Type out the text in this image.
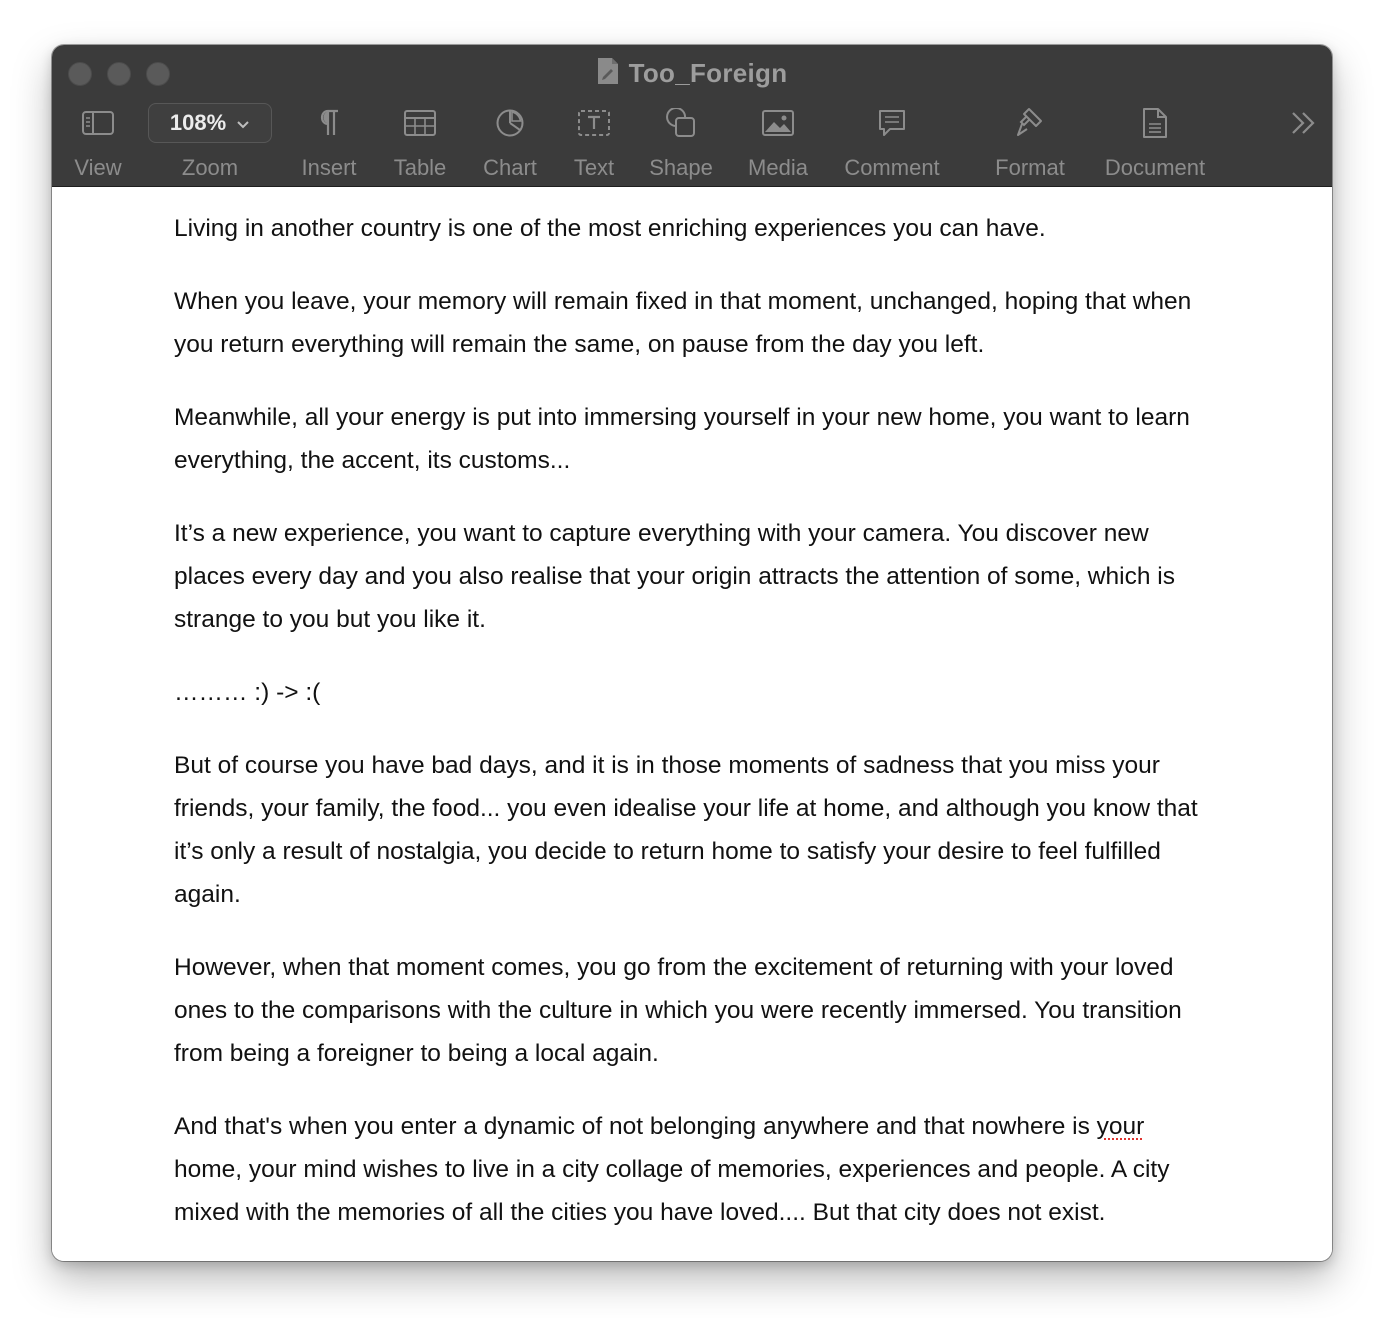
Too_Foreign
View
108%
Zoom	Insert Table Chart Text Shape Media Comment	Format Document

Living in another country is one of the most enriching experiences you can have.

When you leave, your memory will remain fixed in that moment, unchanged, hoping that when you return everything will remain the same, on pause from the day you left.

Meanwhile, all your energy is put into immersing yourself in your new home, you want to learn everything, the accent, its customs...

It’s a new experience, you want to capture everything with your camera. You discover new places every day and you also realise that your origin attracts the attention of some, which is strange to you but you like it.

……… :) -> :(

But of course you have bad days, and it is in those moments of sadness that you miss your friends, your family, the food... you even idealise your life at home, and although you know that it’s only a result of nostalgia, you decide to return home to satisfy your desire to feel fulfilled again.

However, when that moment comes, you go from the excitement of returning with your loved ones to the comparisons with the culture in which you were recently immersed. You transition from being a foreigner to being a local again.

And that's when you enter a dynamic of not belonging anywhere and that nowhere is your home, your mind wishes to live in a city collage of memories, experiences and people. A city mixed with the memories of all the cities you have loved.... But that city does not exist.
